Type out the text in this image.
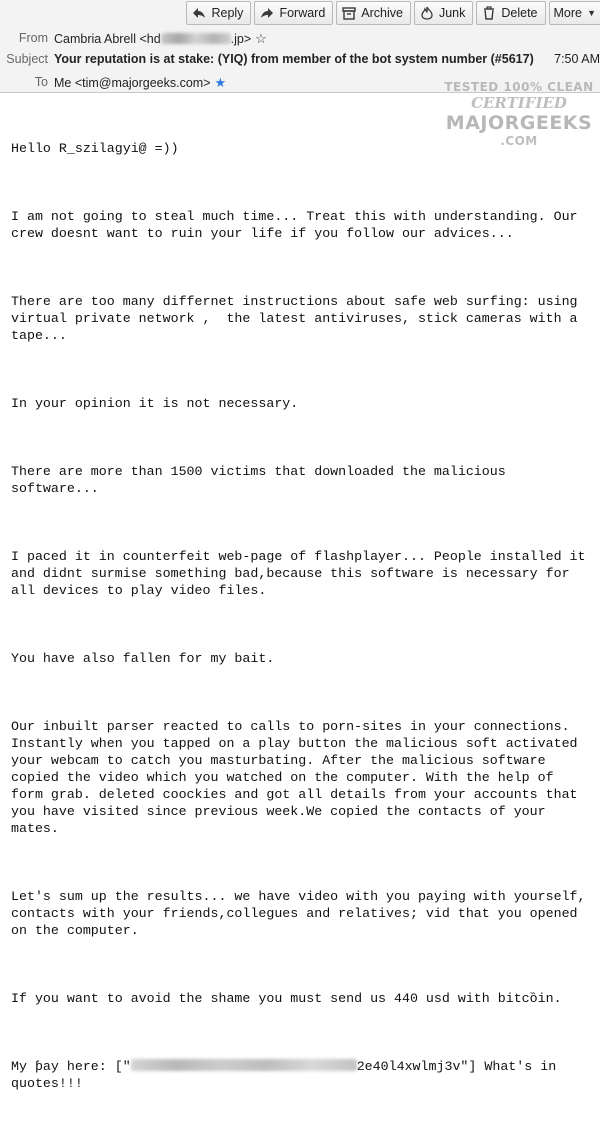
Reply	Forward	Archive	Junk	Delete More ▼
From Cambria Abrell <hd	.jp> ☆
Subject Your reputation is at stake: (YIQ) from member of the bot system number (#5617) 7:50 AM
To Me <tim@majorgeeks.com> ★	TESTED 100% CLEAN
CERTIFIED
MAJORGEEKS
.COM

Hello R_szilagyi@ =))

I am not going to steal much time... Treat this with understanding. Our crew doesnt want to ruin your life if you follow our advices...

There are too many differnet instructions about safe web surfing: using virtual private network ,  the latest antiviruses, stick cameras with a tape...

In your opinion it is not necessary.

There are more than 1500 victims that downloaded the malicious software...

I paced it in counterfeit web-page of flashplayer... People installed it and didnt surmise something bad,because this software is necessary for all devices to play video files.

You have also fallen for my bait.

Our inbuilt parser reacted to calls to porn-sites in your connections. Instantly when you tapped on a play button the malicious soft activated your webcam to catch you masturbating. After the malicious software copied the video which you watched on the computer. With the help of form grab. deleted coockies and got all details from your accounts that you have visited since previous week.We copied the contacts of your mates.

Let's sum up the results... we have video with you paying with yourself, contacts with your friends,collegues and relatives; vid that you opened on the computer.

If you want to avoid the shame you must send us 440 usd with bitcȍin.

My ƥay here: ["	2e40l4xwlmj3v"] What's in quotes!!!
